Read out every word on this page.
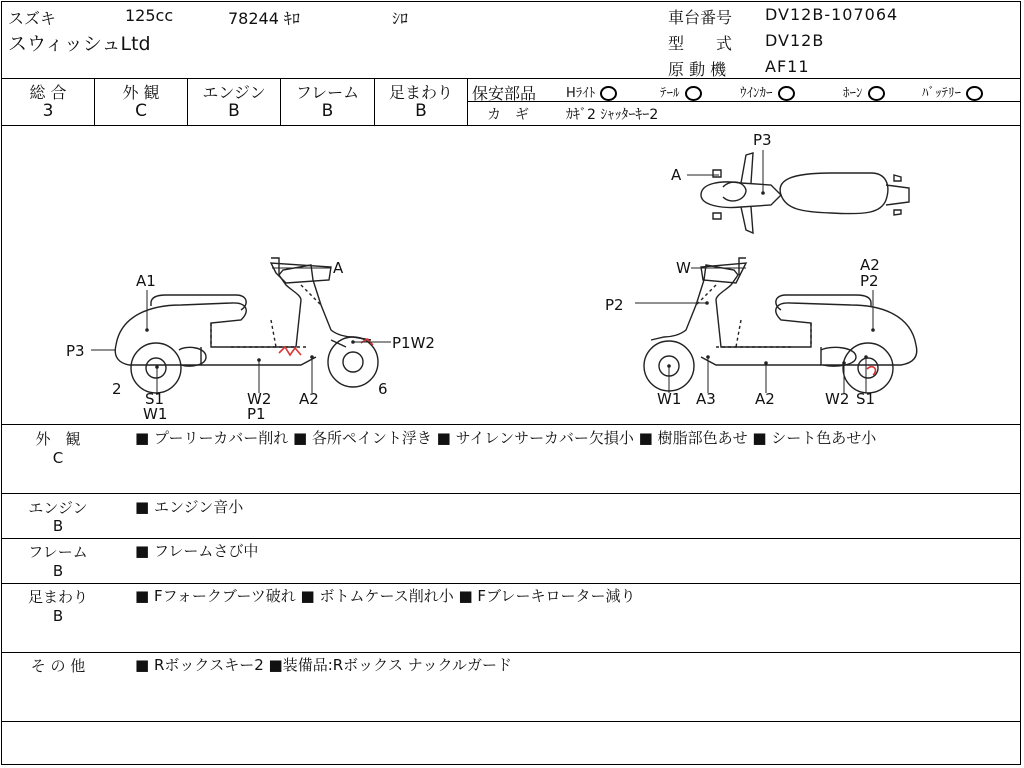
スズキ	125cc	78244 ｷﾛ	ｼﾛ
スウィッシュLtd
車台番号 DV12B-107064
型　　式 DV12B
原 動 機 AF11
総 合	外 観	エンジン	フレーム	足まわり
3	C	B	B	B
保安部品 Hﾗｲﾄ	ﾃｰﾙ	ｳｲﾝｶｰ	ﾎｰﾝ	ﾊﾞｯﾃﾘｰ
カ　ギ	ｶｷﾞ2 ｼｬｯﾀｰｷｰ2
A1
A
P3	P1W2
2
S1
W1
W2
P1
A2
6
W	A2
P2
P2
W1 A3	A2	W2 S1
P3
A
外　観
C
■ プーリーカバー削れ ■ 各所ペイント浮き ■ サイレンサーカバー欠損小 ■ 樹脂部色あせ ■ シート色あせ小
エンジン
B
■ エンジン音小
フレーム
B
■ フレームさび中
足まわり
B
■ Fフォークブーツ破れ ■ ボトムケース削れ小 ■ Fブレーキローター減り
そ の 他	■ Rボックスキー2 ■装備品:Rボックス ナックルガード
